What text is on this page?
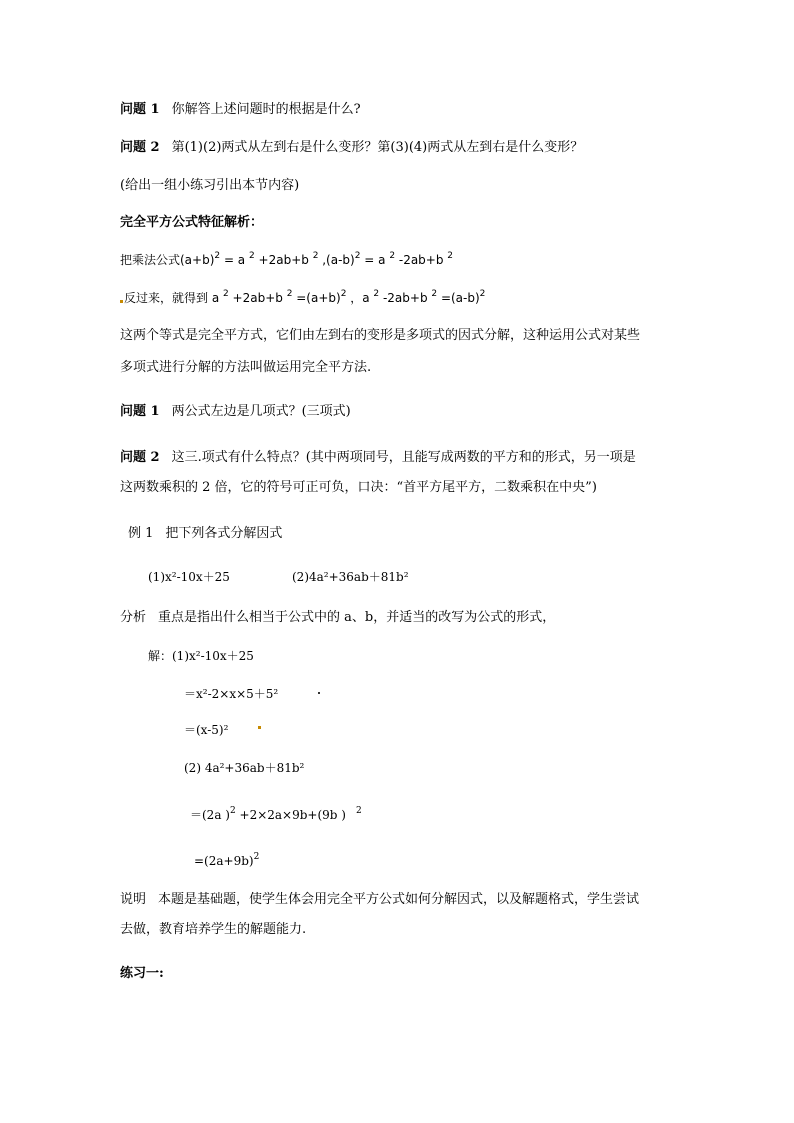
问题 1 你解答上述问题时的根据是什么?
问题 2 第(1)(2)两式从左到右是什么变形？第(3)(4)两式从左到右是什么变形？
(给出一组小练习引出本节内容)
完全平方公式特征解析：
把乘法公式$(a+b)^2 = a$ $^2$ +2ab+b $^2$ $,(a-b)^2 = a$ $^2$ -2ab+b $^2$
反过来，就得到 a $^2$ +2ab+b $^2 =(a+b)^2$ ，a $^2$ -2ab+b $^2 =(a-b)^2$
这两个等式是完全平方式，它们由左到右的变形是多项式的因式分解，这种运用公式对某些
多项式进行分解的方法叫做运用完全平方法.
问题 1 两公式左边是几项式？(三项式)
问题 2 这三.项式有什么特点？(其中两项同号，且能写成两数的平方和的形式，另一项是
这两数乘积的 2 倍，它的符号可正可负，口决：“首平方尾平方，二数乘积在中央”)
例 1 把下列各式分解因式
(1)x²-10x＋25	(2)4a²+36ab＋81b²
分析 重点是指出什么相当于公式中的 a、b，并适当的改写为公式的形式，
解：(1)x²-10x＋25
＝x²-2×x×5＋5²
＝(x-5)²
(2) 4a²+36ab＋81b²
＝(2a )$^2$ +2×2a×9b+(9b ) $^2$
$=(2a+9b)^2$
说明 本题是基础题，使学生体会用完全平方公式如何分解因式，以及解题格式，学生尝试
去做，教育培养学生的解题能力.
练习一:
